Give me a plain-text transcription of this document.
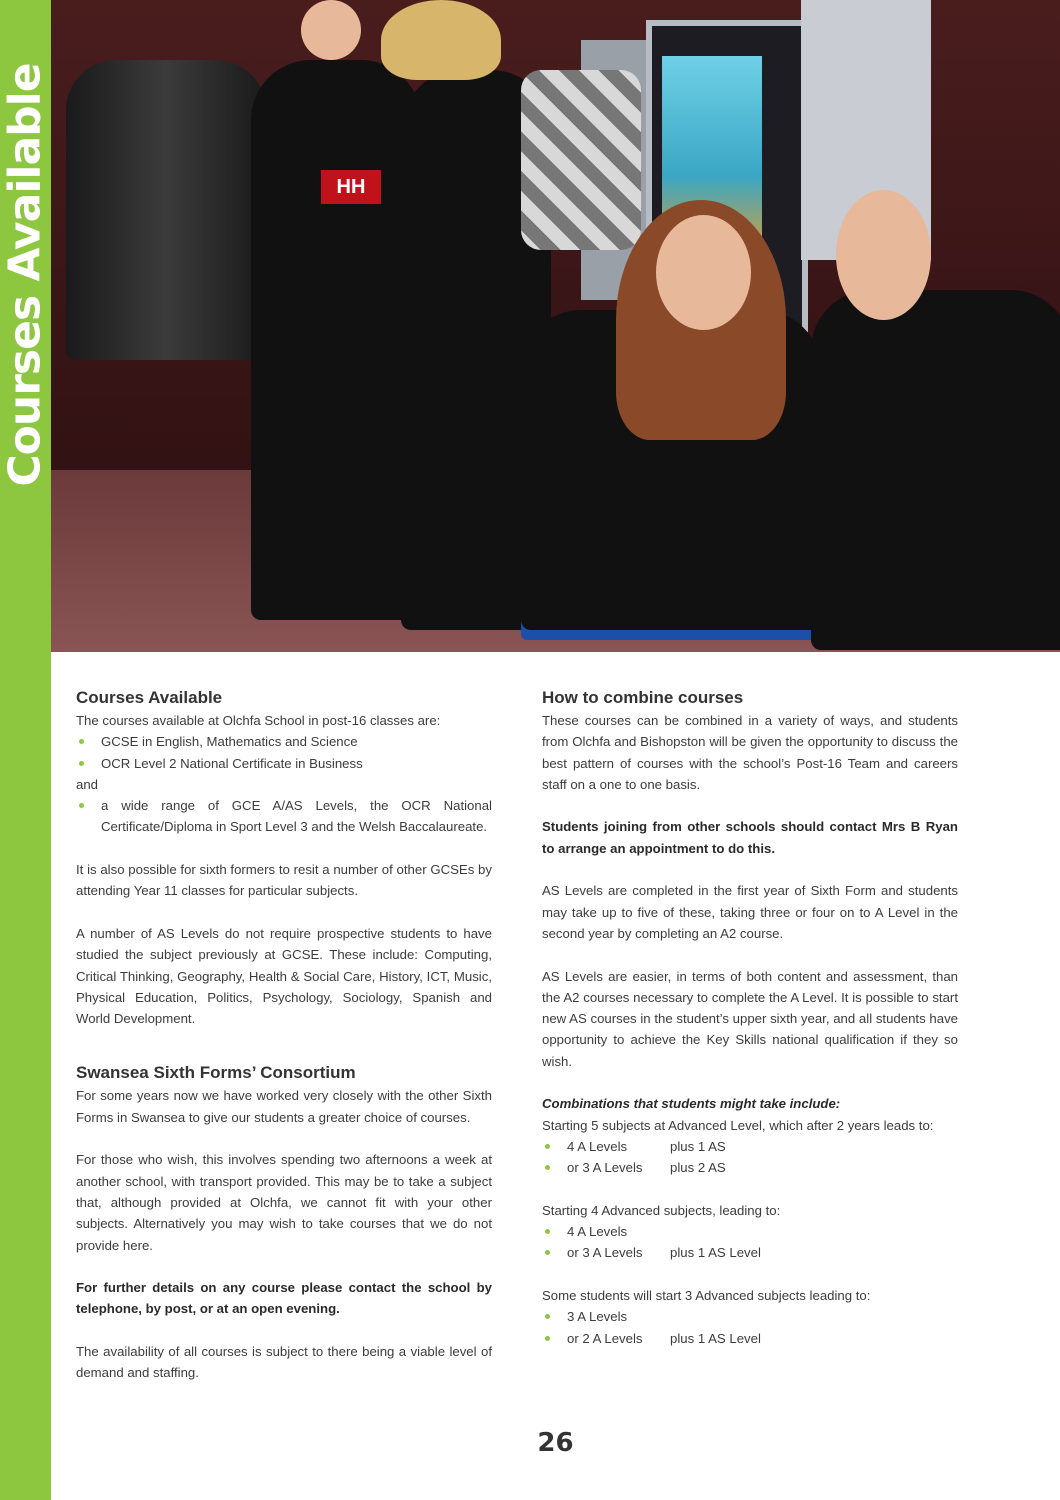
Courses Available	HH
Courses Available

The courses available at Olchfa School in post-16 classes are:

GCSE in English, Mathematics and Science
OCR Level 2 National Certificate in Business

and

a wide range of GCE A/AS Levels, the OCR National Certificate/Diploma in Sport Level 3 and the Welsh Baccalaureate.

It is also possible for sixth formers to resit a number of other GCSEs by attending Year 11 classes for particular subjects.

A number of AS Levels do not require prospective students to have studied the subject previously at GCSE. These include: Computing, Critical Thinking, Geography, Health & Social Care, History, ICT, Music, Physical Education, Politics, Psychology, Sociology, Spanish and World Development.

Swansea Sixth Forms’ Consortium

For some years now we have worked very closely with the other Sixth Forms in Swansea to give our students a greater choice of courses.

For those who wish, this involves spending two afternoons a week at another school, with transport provided. This may be to take a subject that, although provided at Olchfa, we cannot fit with your other subjects. Alternatively you may wish to take courses that we do not provide here.

For further details on any course please contact the school by telephone, by post, or at an open evening.

The availability of all courses is subject to there being a viable level of demand and staffing.

How to combine courses

These courses can be combined in a variety of ways, and students from Olchfa and Bishopston will be given the opportunity to discuss the best pattern of courses with the school’s Post-16 Team and careers staff on a one to one basis.

Students joining from other schools should contact Mrs B Ryan to arrange an appointment to do this.

AS Levels are completed in the first year of Sixth Form and students may take up to five of these, taking three or four on to A Level in the second year by completing an A2 course.

AS Levels are easier, in terms of both content and assessment, than the A2 courses necessary to complete the A Level. It is possible to start new AS courses in the student’s upper sixth year, and all students have opportunity to achieve the Key Skills national qualification if they so wish.

Combinations that students might take include:

Starting 5 subjects at Advanced Level, which after 2 years leads to:

4 A Levels	plus 1 AS
or 3 A Levels plus 2 AS

Starting 4 Advanced subjects, leading to:

4 A Levels
or 3 A Levels plus 1 AS Level

Some students will start 3 Advanced subjects leading to:

3 A Levels
or 2 A Levels plus 1 AS Level
26
